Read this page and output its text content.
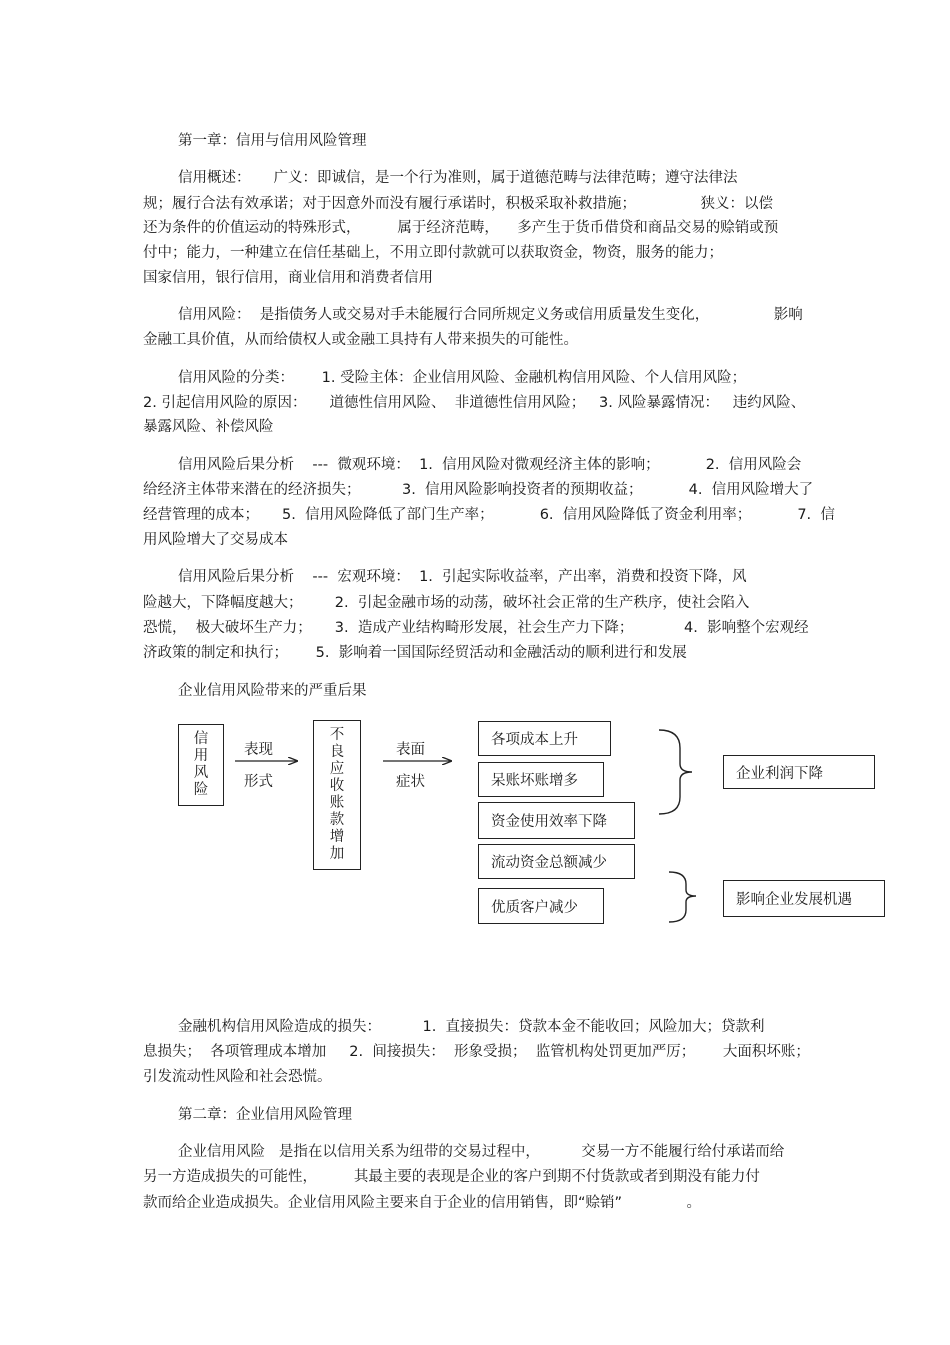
第一章：信用与信用风险管理
信用概述：     广义：即诚信，是一个行为准则，属于道德范畴与法律范畴；遵守法律法
规；履行合法有效承诺；对于因意外而没有履行承诺时，积极采取补救措施；              狭义：以偿
还为条件的价值运动的特殊形式，        属于经济范畴，    多产生于货币借贷和商品交易的赊销或预
付中；能力，一种建立在信任基础上，不用立即付款就可以获取资金，物资，服务的能力；
国家信用，银行信用，商业信用和消费者信用
信用风险：  是指债务人或交易对手未能履行合同所规定义务或信用质量发生变化，              影响
金融工具价值，从而给债权人或金融工具持有人带来损失的可能性。
信用风险的分类：      1. 受险主体：企业信用风险、金融机构信用风险、个人信用风险；
2. 引起信用风险的原因：     道德性信用风险、  非道德性信用风险；   3. 风险暴露情况：   违约风险、
暴露风险、补偿风险
信用风险后果分析    ---  微观环境：  1.  信用风险对微观经济主体的影响；          2.  信用风险会
给经济主体带来潜在的经济损失；         3.  信用风险影响投资者的预期收益；          4.  信用风险增大了
经营管理的成本；     5.  信用风险降低了部门生产率；          6.  信用风险降低了资金利用率；          7.  信
用风险增大了交易成本
信用风险后果分析    ---  宏观环境：  1.  引起实际收益率，产出率，消费和投资下降，风
险越大，下降幅度越大；       2.  引起金融市场的动荡，破坏社会正常的生产秩序，使社会陷入
恐慌，  极大破坏生产力；     3.  造成产业结构畸形发展，社会生产力下降；           4.  影响整个宏观经
济政策的制定和执行；      5.  影响着一国国际经贸活动和金融活动的顺利进行和发展
企业信用风险带来的严重后果
信
用
风
险
表现
形式
不
良
应
收
账
款
增
加
表面
症状
各项成本上升
呆账坏账增多
资金使用效率下降
流动资金总额减少
优质客户减少
企业利润下降
影响企业发展机遇
金融机构信用风险造成的损失：         1.  直接损失：贷款本金不能收回；风险加大；贷款利
息损失；  各项管理成本增加     2.  间接损失：  形象受损；  监管机构处罚更加严厉；      大面积坏账；
引发流动性风险和社会恐慌。
第二章：企业信用风险管理
企业信用风险   是指在以信用关系为纽带的交易过程中，         交易一方不能履行给付承诺而给
另一方造成损失的可能性，        其最主要的表现是企业的客户到期不付货款或者到期没有能力付
款而给企业造成损失。企业信用风险主要来自于企业的信用销售，即“赊销”              。
